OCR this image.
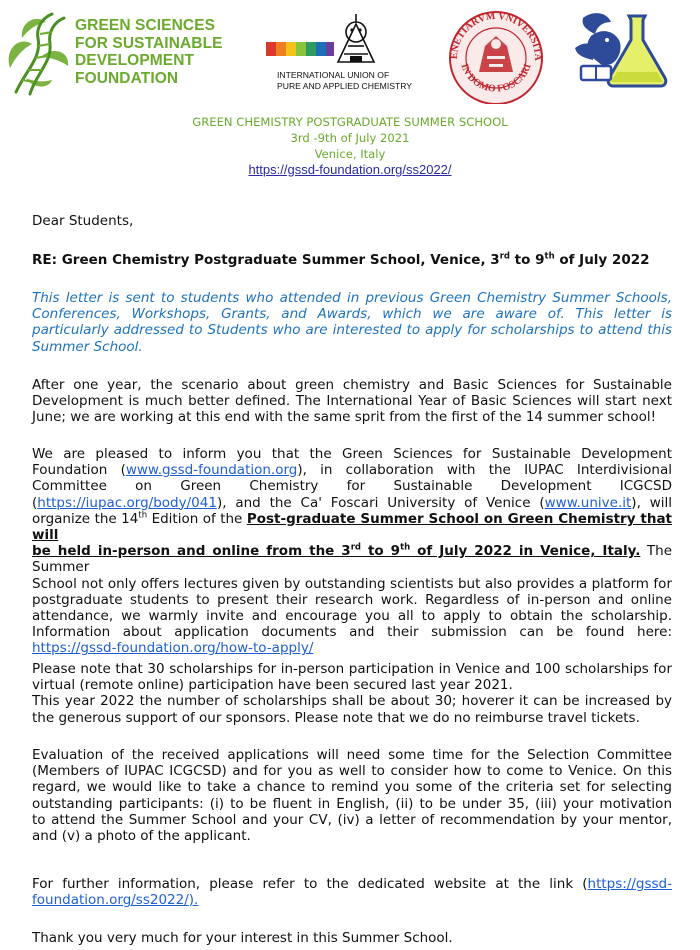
GREEN SCIENCES
FOR SUSTAINABLE
DEVELOPMENT
FOUNDATION	INTERNATIONAL UNION OF
PURE AND APPLIED CHEMISTRY
ENETIARVM VNIVERSITA
IN DOMO FOSCARI
GREEN CHEMISTRY POSTGRADUATE SUMMER SCHOOL
3rd -9th of July 2021
Venice, Italy
https://gssd-foundation.org/ss2022/
Dear Students,
RE: Green Chemistry Postgraduate Summer School, Venice, 3rd to 9th of July 2022
This letter is sent to students who attended in previous Green Chemistry Summer Schools,
Conferences, Workshops, Grants, and Awards, which we are aware of. This letter is
particularly addressed to Students who are interested to apply for scholarships to attend this
Summer School.
After one year, the scenario about green chemistry and Basic Sciences for Sustainable
Development is much better defined. The International Year of Basic Sciences will start next
June; we are working at this end with the same sprit from the first of the 14 summer school!
We are pleased to inform you that the Green Sciences for Sustainable Development
Foundation (www.gssd-foundation.org), in collaboration with the IUPAC Interdivisional
Committee on Green Chemistry for Sustainable Development ICGCSD
(https://iupac.org/body/041), and the Ca' Foscari University of Venice (www.unive.it), will
organize the 14th Edition of the Post-graduate Summer School on Green Chemistry that will
be held in-person and online from the 3rd to 9th of July 2022 in Venice, Italy. The Summer
School not only offers lectures given by outstanding scientists but also provides a platform for
postgraduate students to present their research work. Regardless of in-person and online
attendance, we warmly invite and encourage you all to apply to obtain the scholarship.
Information about application documents and their submission can be found here:
https://gssd-foundation.org/how-to-apply/
Please note that 30 scholarships for in-person participation in Venice and 100 scholarships for
virtual (remote online) participation have been secured last year 2021.
This year 2022 the number of scholarships shall be about 30; hoverer it can be increased by
the generous support of our sponsors. Please note that we do no reimburse travel tickets.
Evaluation of the received applications will need some time for the Selection Committee
(Members of IUPAC ICGCSD) and for you as well to consider how to come to Venice. On this
regard, we would like to take a chance to remind you some of the criteria set for selecting
outstanding participants: (i) to be fluent in English, (ii) to be under 35, (iii) your motivation
to attend the Summer School and your CV, (iv) a letter of recommendation by your mentor,
and (v) a photo of the applicant.
For further information, please refer to the dedicated website at the link (https://gssd-
foundation.org/ss2022/).
Thank you very much for your interest in this Summer School.
